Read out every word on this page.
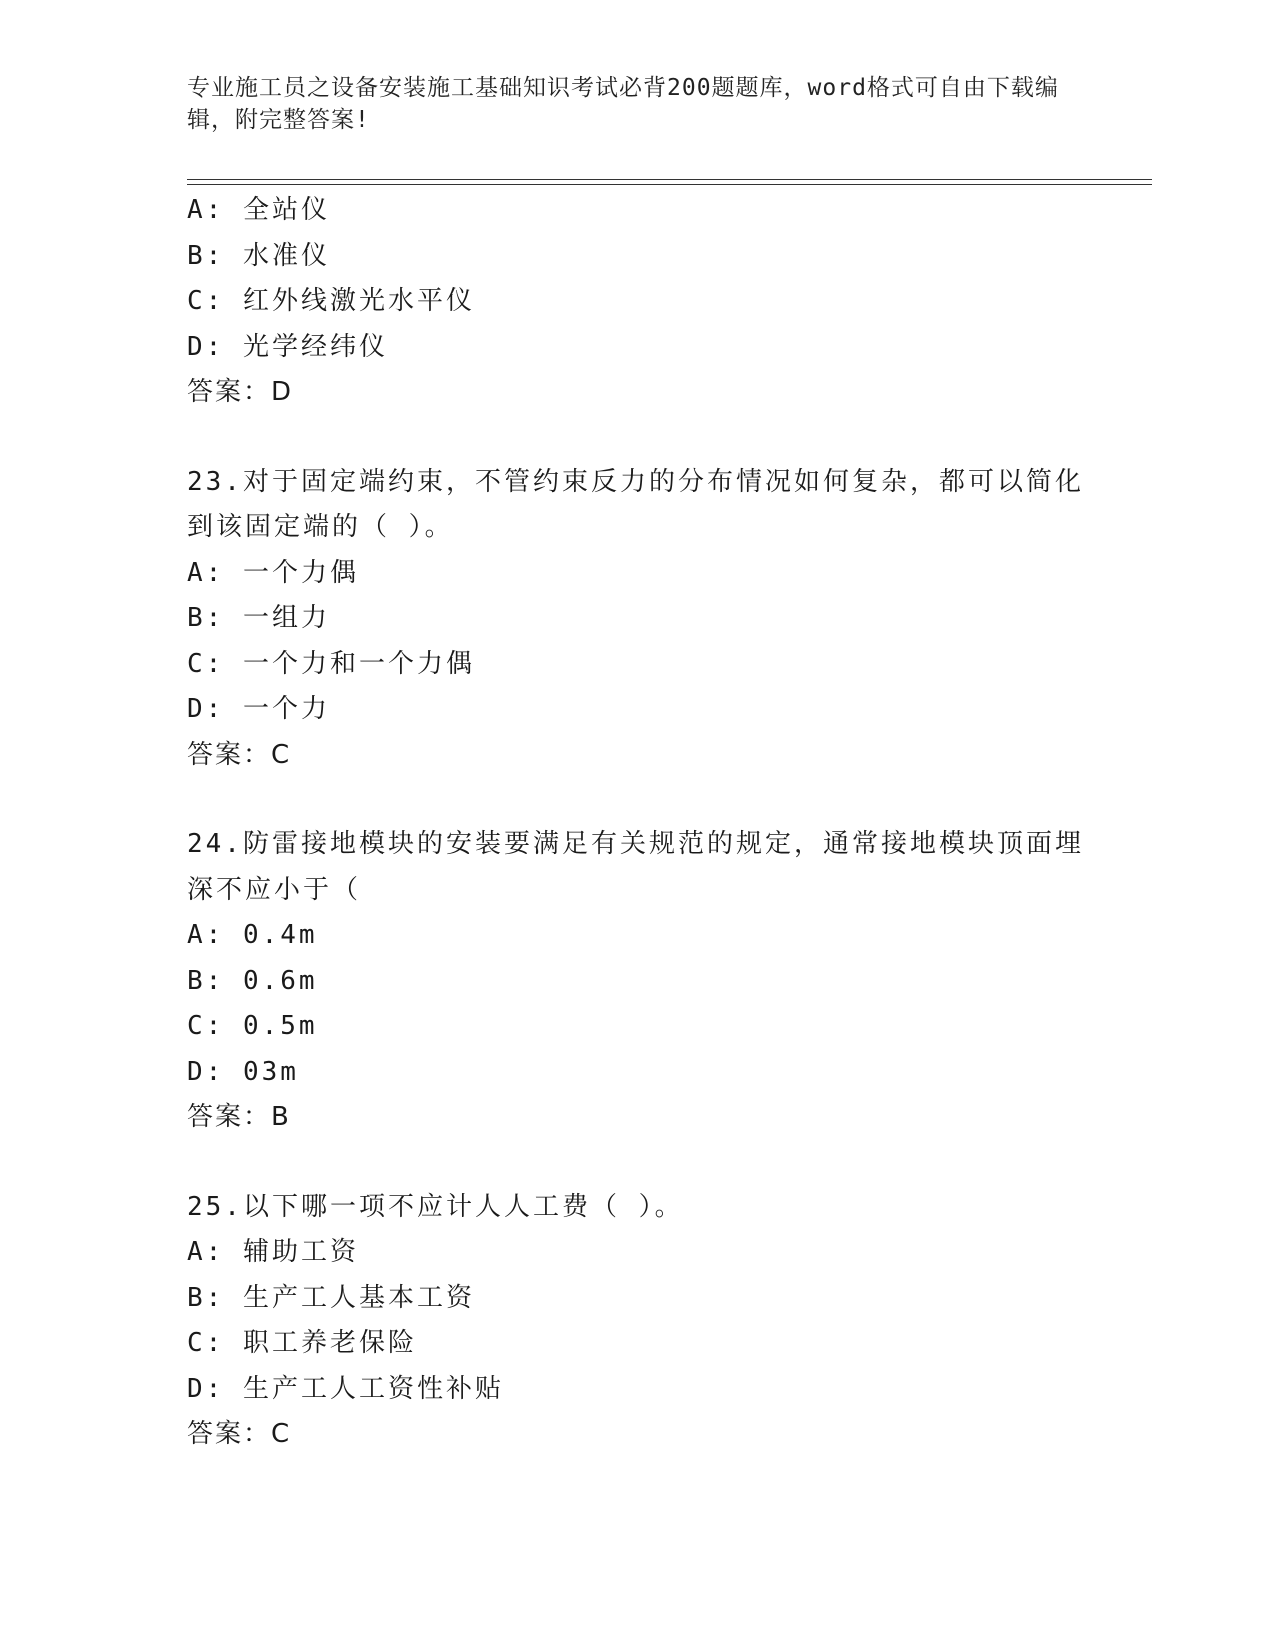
专业施工员之设备安装施工基础知识考试必背200题题库，word格式可自由下载编辑，附完整答案!
A: 全站仪
B: 水准仪
C: 红外线激光水平仪
D: 光学经纬仪
答案：D
23.对于固定端约束，不管约束反力的分布情况如何复杂，都可以简化
到该固定端的（ ）。
A: 一个力偶
B: 一组力
C: 一个力和一个力偶
D: 一个力
答案：C
24.防雷接地模块的安装要满足有关规范的规定，通常接地模块顶面埋
深不应小于（
A: 0.4m
B: 0.6m
C: 0.5m
D: 03m
答案：B
25.以下哪一项不应计人人工费（ ）。
A: 辅助工资
B: 生产工人基本工资
C: 职工养老保险
D: 生产工人工资性补贴
答案：C
